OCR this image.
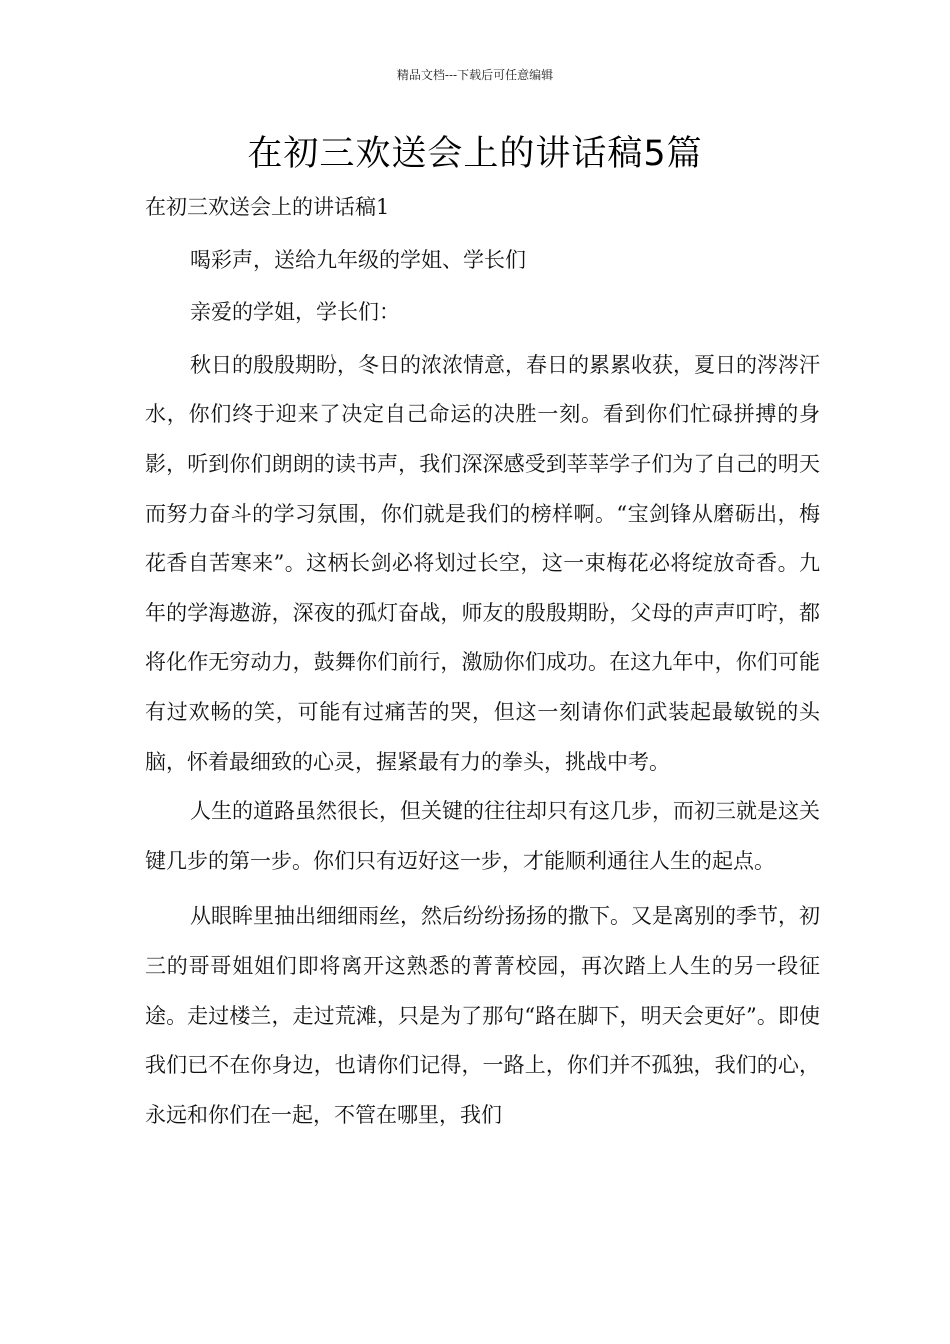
精品文档---下载后可任意编辑
在初三欢送会上的讲话稿5篇

在初三欢送会上的讲话稿1

喝彩声，送给九年级的学姐、学长们

亲爱的学姐，学长们：

秋日的殷殷期盼，冬日的浓浓情意，春日的累累收获，夏日的涔涔汗水，你们终于迎来了决定自己命运的决胜一刻。看到你们忙碌拼搏的身影，听到你们朗朗的读书声，我们深深感受到莘莘学子们为了自己的明天而努力奋斗的学习氛围，你们就是我们的榜样啊。“宝剑锋从磨砺出，梅花香自苦寒来”。这柄长剑必将划过长空，这一束梅花必将绽放奇香。九年的学海遨游，深夜的孤灯奋战，师友的殷殷期盼，父母的声声叮咛，都将化作无穷动力，鼓舞你们前行，激励你们成功。在这九年中，你们可能有过欢畅的笑，可能有过痛苦的哭，但这一刻请你们武装起最敏锐的头脑，怀着最细致的心灵，握紧最有力的拳头，挑战中考。

人生的道路虽然很长，但关键的往往却只有这几步，而初三就是这关键几步的第一步。你们只有迈好这一步，才能顺利通往人生的起点。

从眼眸里抽出细细雨丝，然后纷纷扬扬的撒下。又是离别的季节，初三的哥哥姐姐们即将离开这熟悉的菁菁校园，再次踏上人生的另一段征途。走过楼兰，走过荒滩，只是为了那句“路在脚下，明天会更好”。即使我们已不在你身边，也请你们记得，一路上，你们并不孤独，我们的心，永远和你们在一起，不管在哪里，我们
